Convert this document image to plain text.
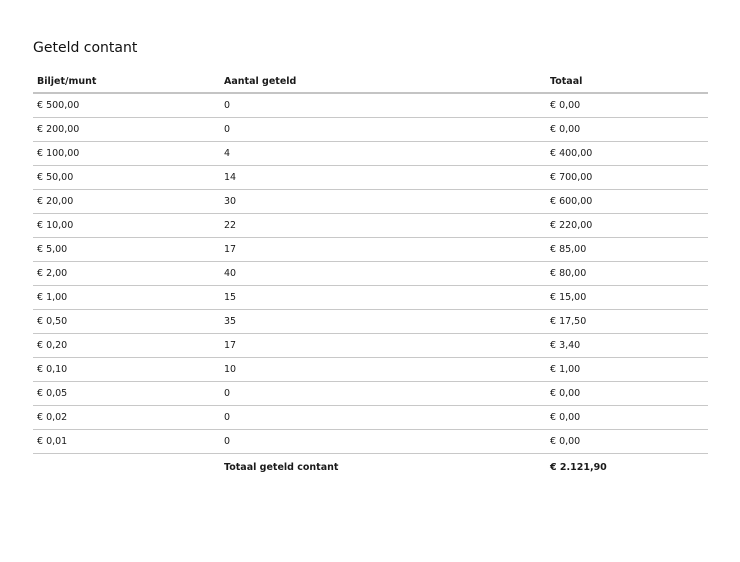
Geteld contant
Biljet/munt	Aantal geteld	Totaal
€ 500,00	0	€ 0,00
€ 200,00	0	€ 0,00
€ 100,00	4	€ 400,00
€ 50,00	14	€ 700,00
€ 20,00	30	€ 600,00
€ 10,00	22	€ 220,00
€ 5,00	17	€ 85,00
€ 2,00	40	€ 80,00
€ 1,00	15	€ 15,00
€ 0,50	35	€ 17,50
€ 0,20	17	€ 3,40
€ 0,10	10	€ 1,00
€ 0,05	0	€ 0,00
€ 0,02	0	€ 0,00
€ 0,01	0	€ 0,00
	Totaal geteld contant	€ 2.121,90
